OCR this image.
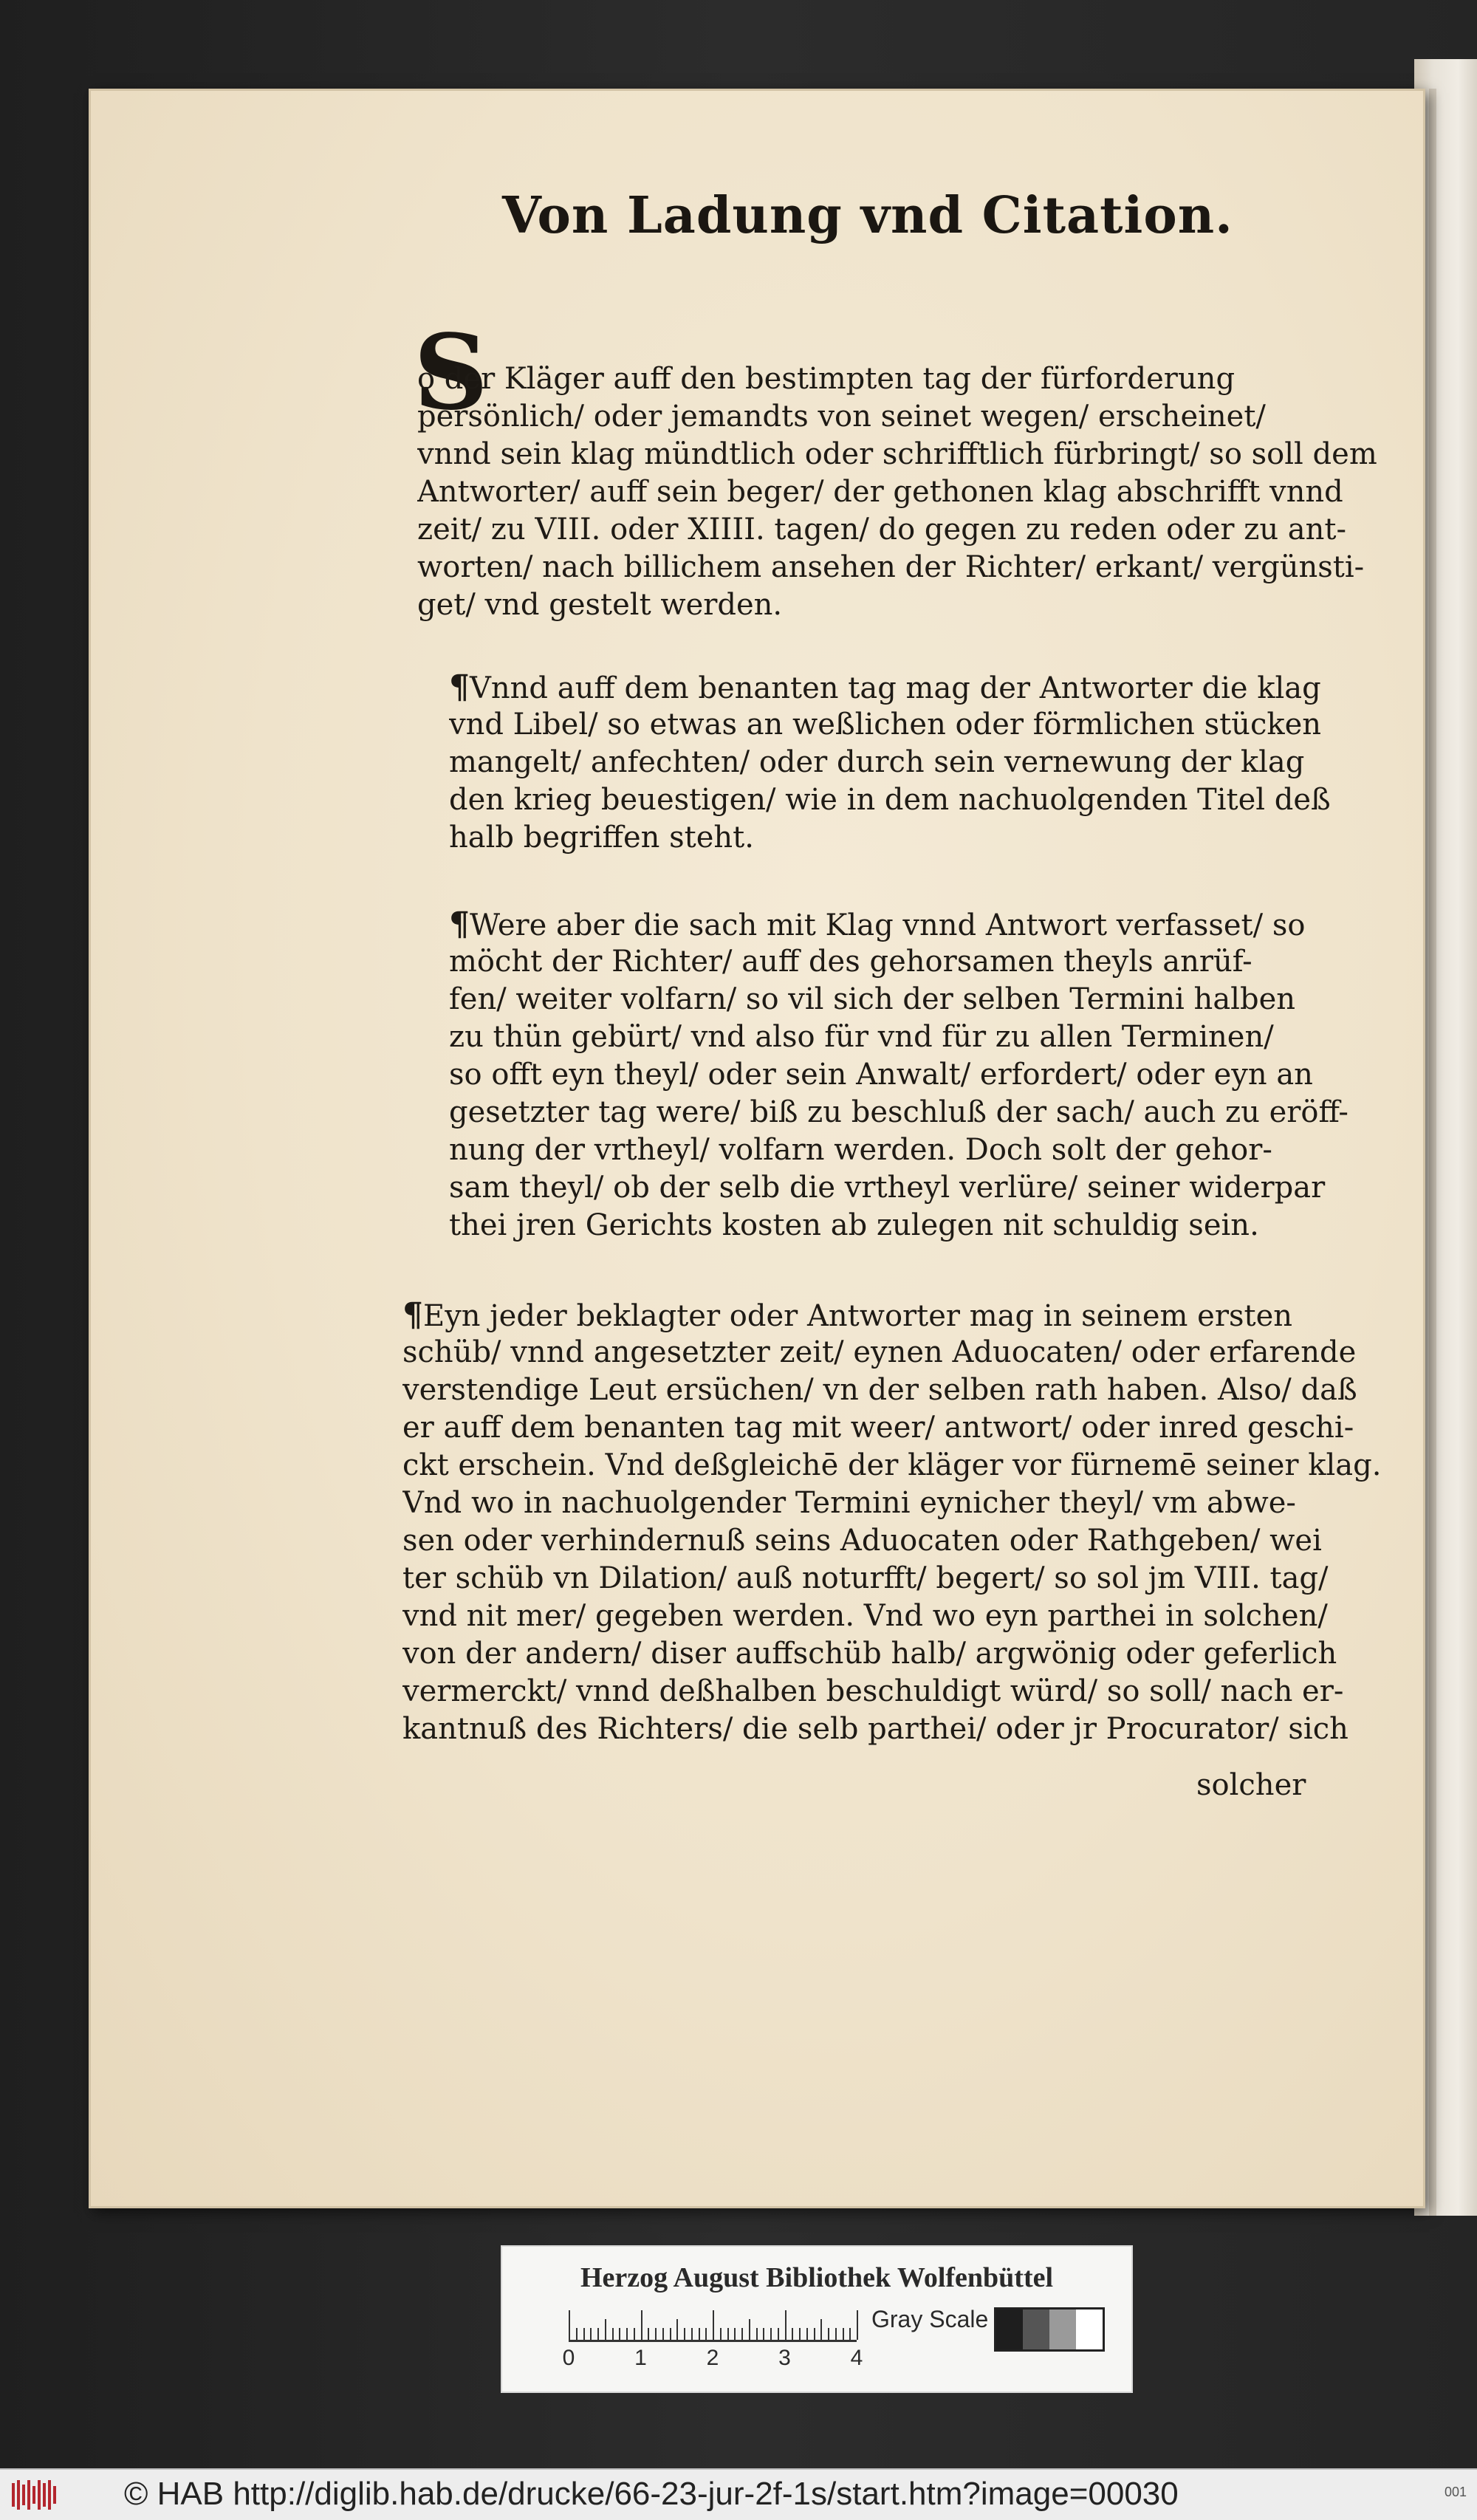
Von Ladung vnd Citation.
S
o der Kläger auff den bestimpten tag der fürforderung
persönlich/ oder jemandts von seinet wegen/ erscheinet/
vnnd sein klag mündtlich oder schrifftlich fürbringt/ so soll dem
Antworter/ auff sein beger/ der gethonen klag abschrifft vnnd
zeit/ zu VIII. oder XIIII. tagen/ do gegen zu reden oder zu ant-
worten/ nach billichem ansehen der Richter/ erkant/ vergünsti-
get/ vnd gestelt werden.
¶Vnnd auff dem benanten tag mag der Antworter die klag
vnd Libel/ so etwas an weßlichen oder förmlichen stücken
mangelt/ anfechten/ oder durch sein vernewung der klag
den krieg beuestigen/ wie in dem nachuolgenden Titel deß
halb begriffen steht.
¶Were aber die sach mit Klag vnnd Antwort verfasset/ so
möcht der Richter/ auff des gehorsamen theyls anrüf-
fen/ weiter volfarn/ so vil sich der selben Termini halben
zu thün gebürt/ vnd also für vnd für zu allen Terminen/
so offt eyn theyl/ oder sein Anwalt/ erfordert/ oder eyn an
gesetzter tag were/ biß zu beschluß der sach/ auch zu eröff-
nung der vrtheyl/ volfarn werden. Doch solt der gehor-
sam theyl/ ob der selb die vrtheyl verlüre/ seiner widerpar
thei jren Gerichts kosten ab zulegen nit schuldig sein.
¶Eyn jeder beklagter oder Antworter mag in seinem ersten
schüb/ vnnd angesetzter zeit/ eynen Aduocaten/ oder erfarende
verstendige Leut ersüchen/ vn der selben rath haben. Also/ daß
er auff dem benanten tag mit weer/ antwort/ oder inred geschi-
ckt erschein. Vnd deßgleichē der kläger vor fürnemē seiner klag.
Vnd wo in nachuolgender Termini eynicher theyl/ vm abwe-
sen oder verhindernuß seins Aduocaten oder Rathgeben/ wei
ter schüb vn Dilation/ auß noturfft/ begert/ so sol jm VIII. tag/
vnd nit mer/ gegeben werden. Vnd wo eyn parthei in solchen/
von der andern/ diser auffschüb halb/ argwönig oder geferlich
vermerckt/ vnnd deßhalben beschuldigt würd/ so soll/ nach er-
kantnuß des Richters/ die selb parthei/ oder jr Procurator/ sich
solcher
Herzog August Bibliothek Wolfenbüttel
Gray Scale
0	1	2	3	4
© HAB http://diglib.hab.de/drucke/66-23-jur-2f-1s/start.htm?image=00030	001
